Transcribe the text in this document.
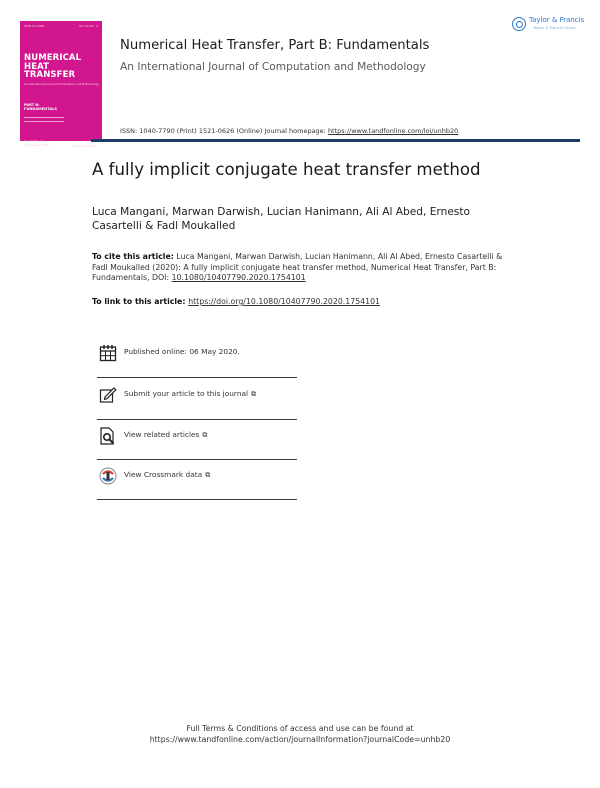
ISSN 10-0040	Vol. 00 No. 0
NUMERICAL
HEAT
TRANSFER
An International Journal of Computation and Methodology
PART B:
FUNDAMENTALS
Vol. 00 No. 0
September 0000	Taylor & Francis
Numerical Heat Transfer, Part B: Fundamentals
An International Journal of Computation and Methodology
ISSN: 1040-7790 (Print) 1521-0626 (Online) Journal homepage: https://www.tandfonline.com/loi/unhb20
Taylor & Francis
Taylor & Francis Group
A fully implicit conjugate heat transfer method
Luca Mangani, Marwan Darwish, Lucian Hanimann, Ali Al Abed, Ernesto Casartelli & Fadl Moukalled
To cite this article: Luca Mangani, Marwan Darwish, Lucian Hanimann, Ali Al Abed, Ernesto Casartelli & Fadl Moukalled (2020): A fully implicit conjugate heat transfer method, Numerical Heat Transfer, Part B: Fundamentals, DOI: 10.1080/10407790.2020.1754101
To link to this article: https://doi.org/10.1080/10407790.2020.1754101
Published online: 06 May 2020.
Submit your article to this journal ⧉
View related articles ⧉
View Crossmark data ⧉
Full Terms & Conditions of access and use can be found at
https://www.tandfonline.com/action/journalInformation?journalCode=unhb20
